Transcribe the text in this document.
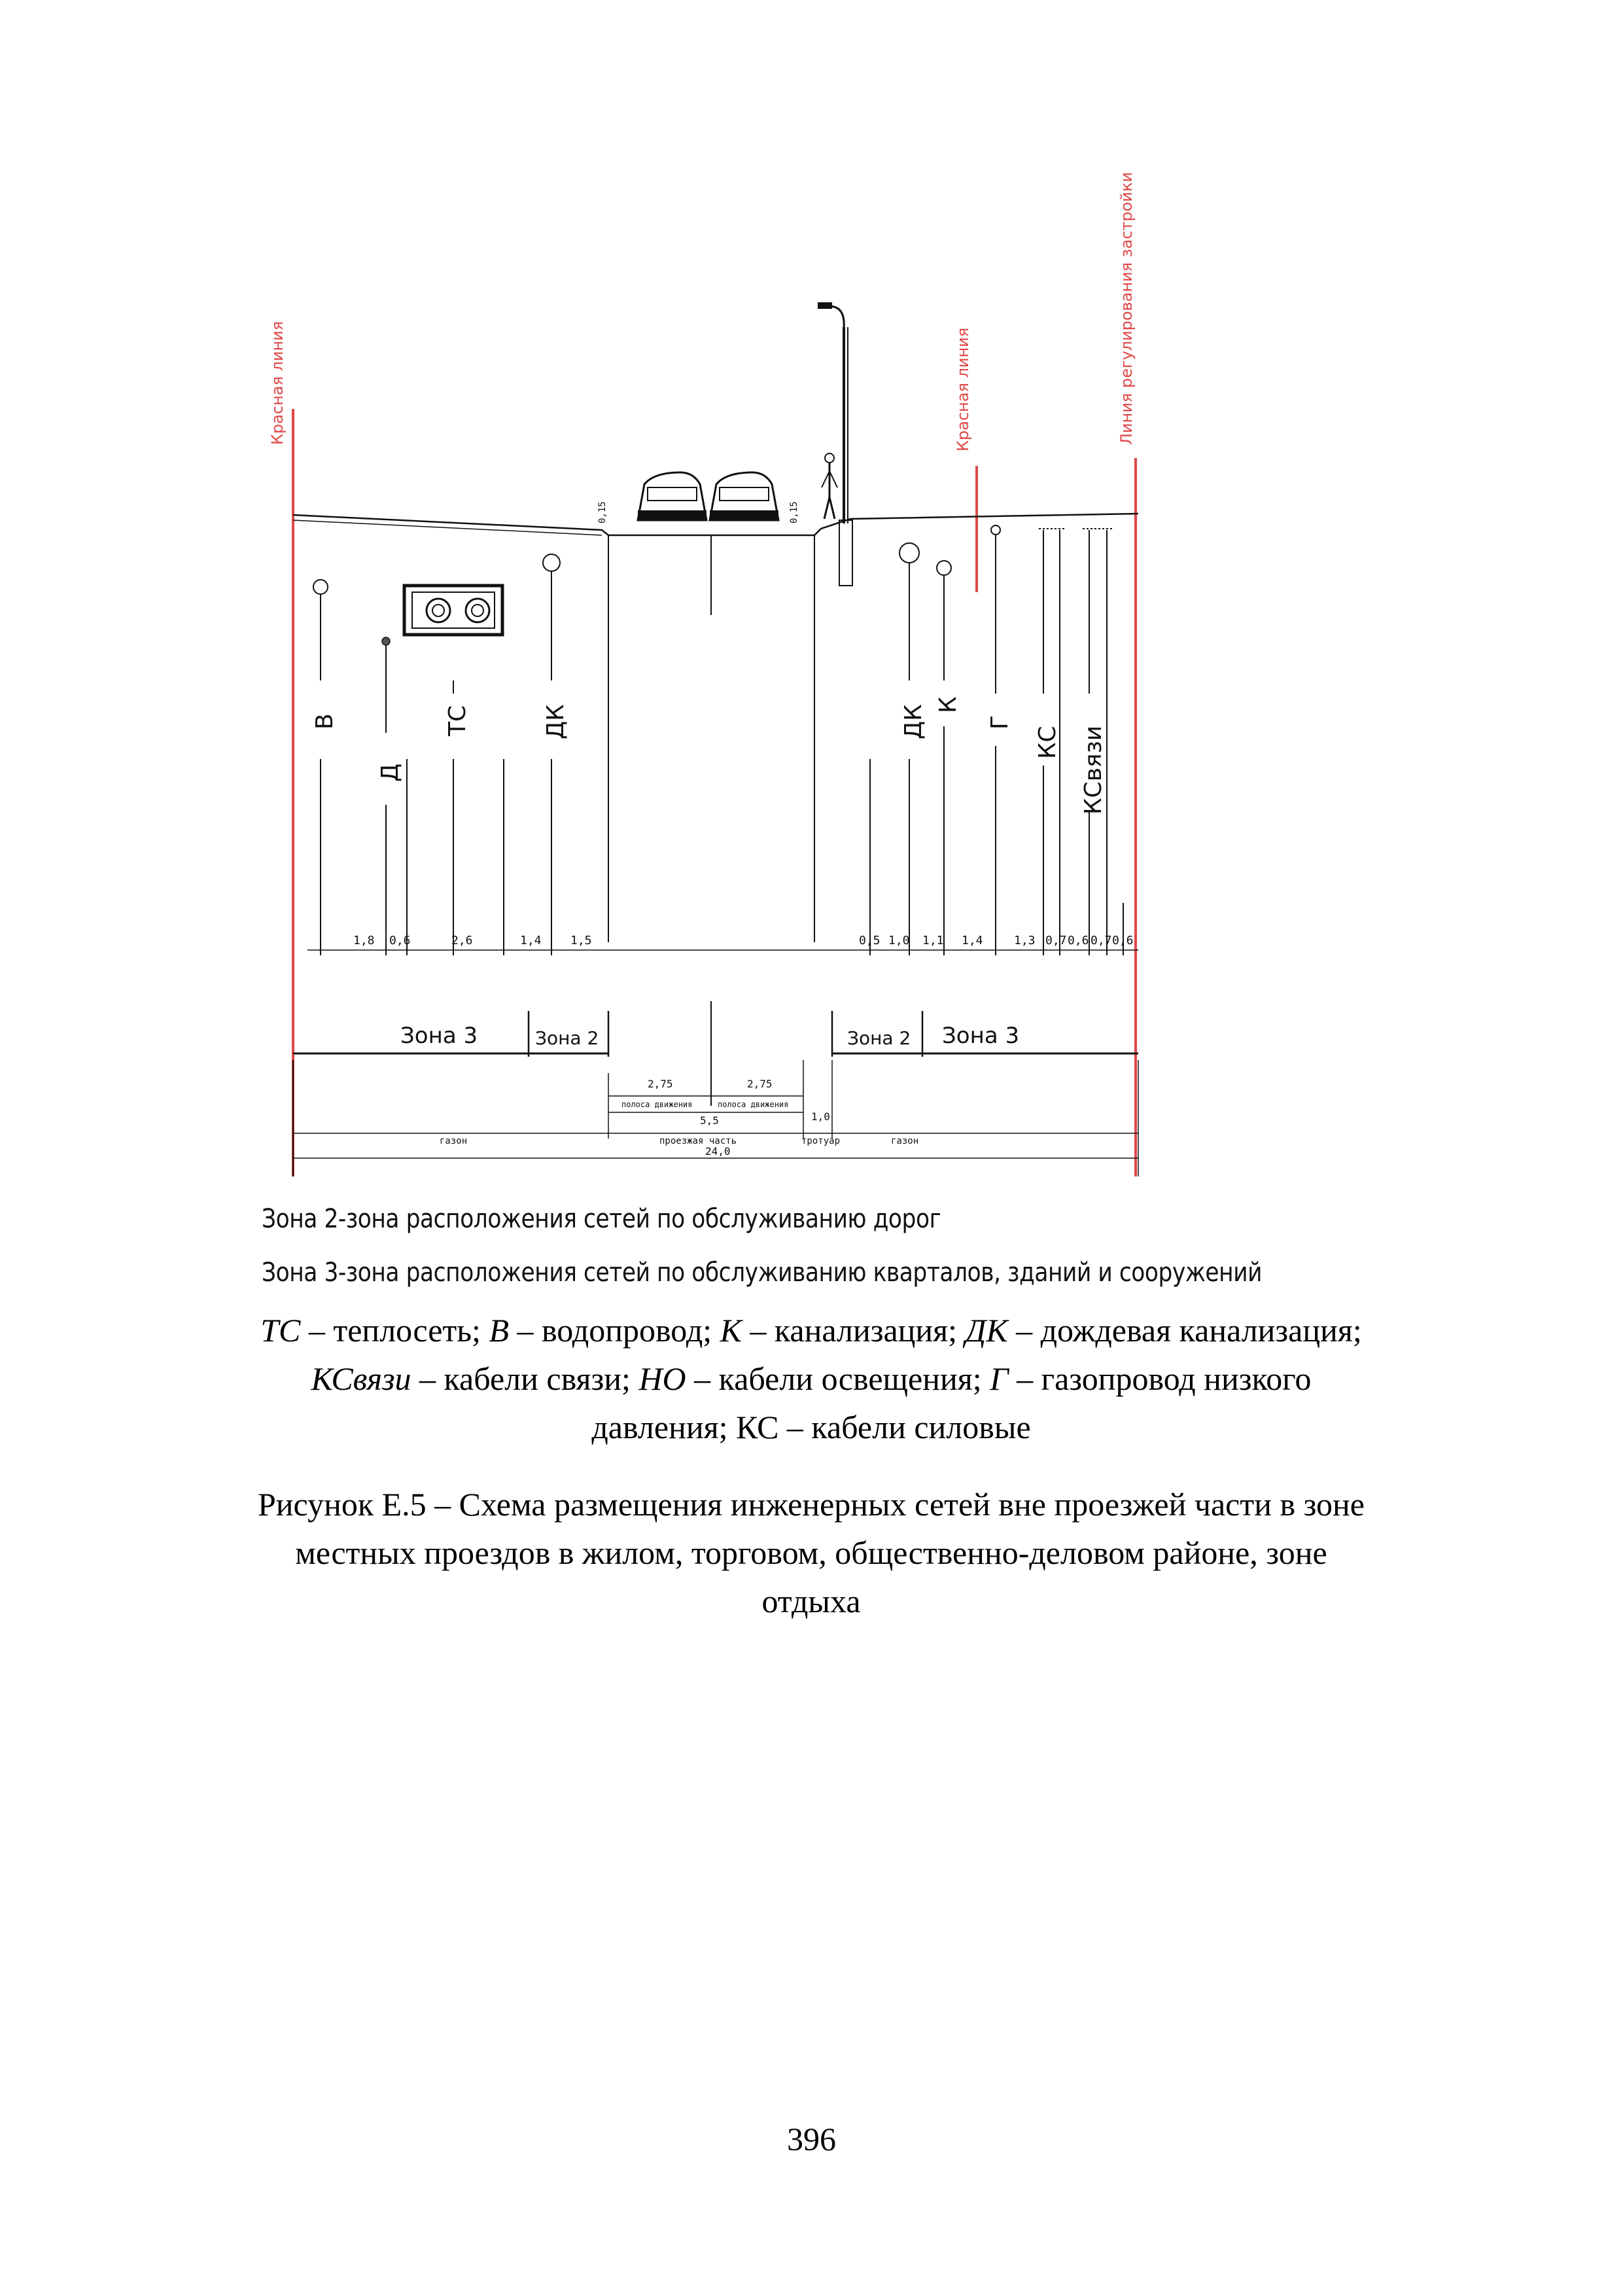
Красная линия	Красная линия	Линия регулирования застройки
0,15	0,15
В
Д
ТС	ДК	ДК К
Г
КС КСвязи
1,8 0,6	2,6	1,4 1,5	0,5 1,0 1,1 1,4	1,3 0,7 0,6 0,7 0,6
Зона 3	Зона 2	Зона 2 Зона 3
2,75	2,75
полоса движения	полоса движения
5,5	1,0
газон	проезжая часть	тротуар	газон
24,0
Зона 2-зона расположения сетей по обслуживанию дорог
Зона 3-зона расположения сетей по обслуживанию кварталов, зданий и сооружений
ТС – теплосеть; В – водопровод; К – канализация; ДК – дождевая канализация;
КСвязи – кабели связи; НО – кабели освещения; Г – газопровод низкого
давления; КС – кабели силовые
Рисунок Е.5 – Схема размещения инженерных сетей вне проезжей части в зоне
местных проездов в жилом, торговом, общественно-деловом районе, зоне
отдыха
396
